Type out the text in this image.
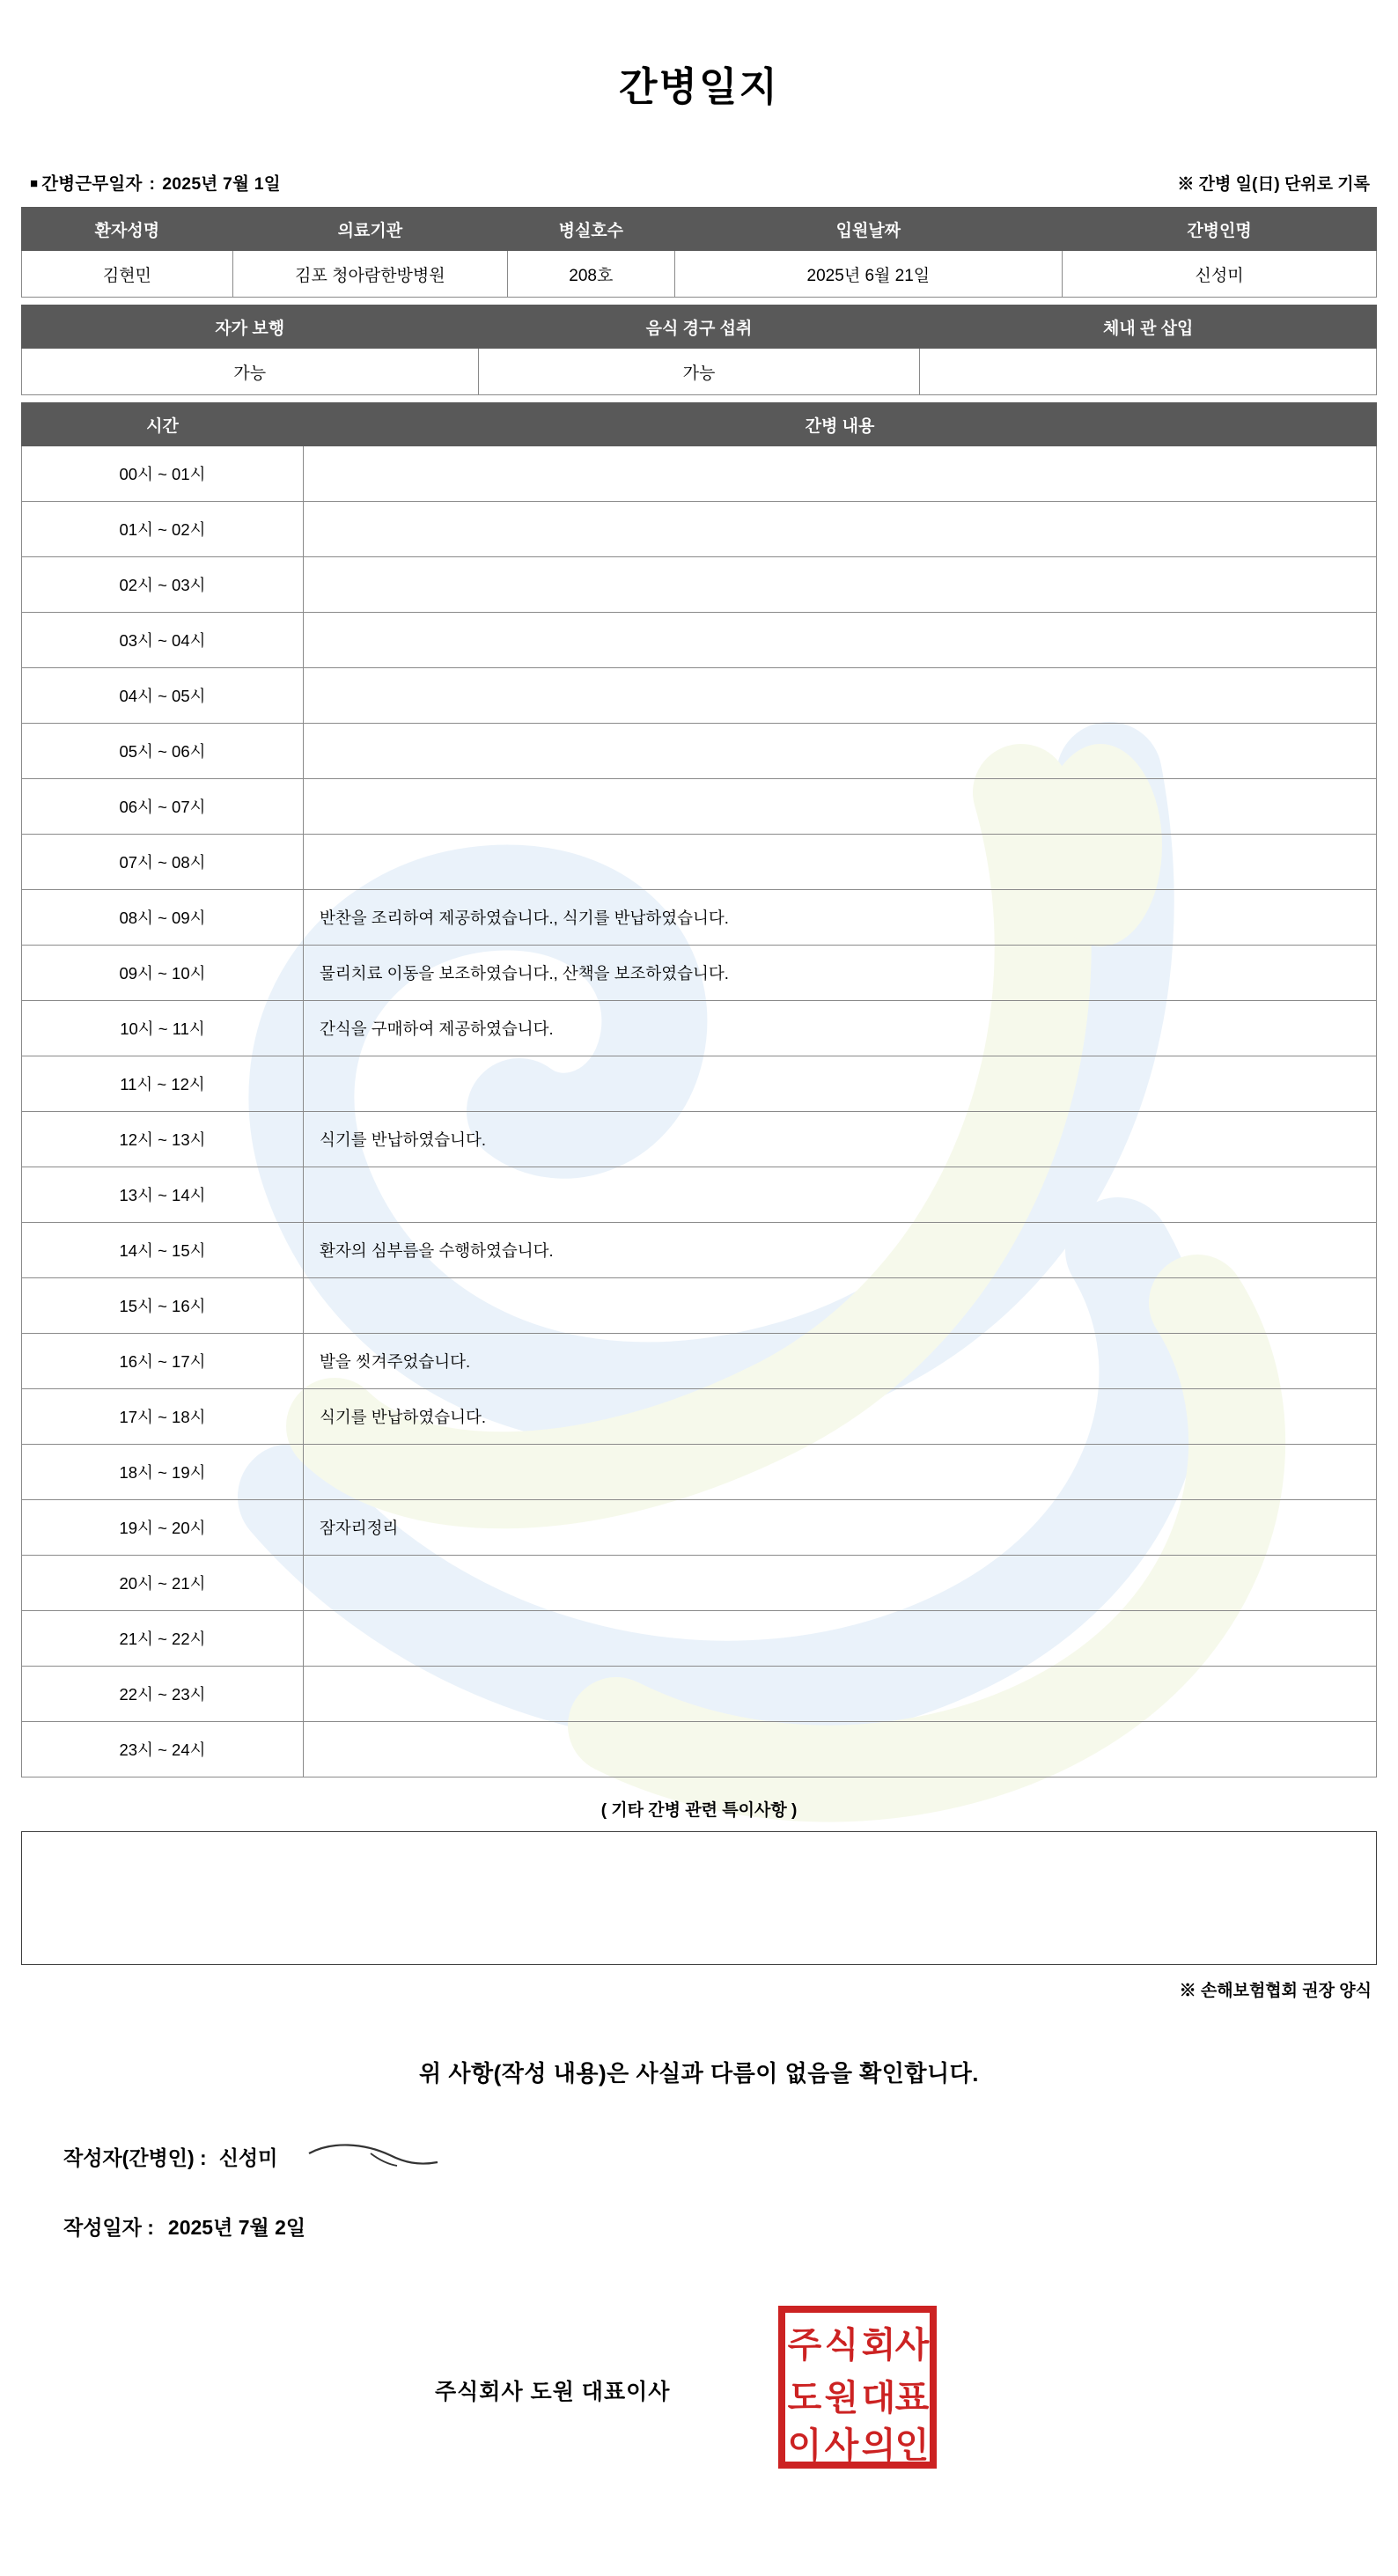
간병일지
■ 간병근무일자 : 2025년 7월 1일	※ 간병 일(日) 단위로 기록
환자성명	의료기관	병실호수	입원날짜	간병인명
김현민	김포 청아람한방병원	208호	2025년 6월 21일	신성미
자가 보행	음식 경구 섭취	체내 관 삽입
가능	가능	
시간	간병 내용
00시 ~ 01시	
01시 ~ 02시	
02시 ~ 03시	
03시 ~ 04시	
04시 ~ 05시	
05시 ~ 06시	
06시 ~ 07시	
07시 ~ 08시	
08시 ~ 09시	반찬을 조리하여 제공하였습니다., 식기를 반납하였습니다.
09시 ~ 10시	물리치료 이동을 보조하였습니다., 산책을 보조하였습니다.
10시 ~ 11시	간식을 구매하여 제공하였습니다.
11시 ~ 12시	
12시 ~ 13시	식기를 반납하였습니다.
13시 ~ 14시	
14시 ~ 15시	환자의 심부름을 수행하였습니다.
15시 ~ 16시	
16시 ~ 17시	발을 씻겨주었습니다.
17시 ~ 18시	식기를 반납하였습니다.
18시 ~ 19시	
19시 ~ 20시	잠자리정리
20시 ~ 21시	
21시 ~ 22시	
22시 ~ 23시	
23시 ~ 24시	
( 기타 간병 관련 특이사항 )
※ 손해보험협회 권장 양식
위 사항(작성 내용)은 사실과 다름이 없음을 확인합니다.
작성자(간병인) : 신성미
작성일자 : 2025년 7월 2일
주식회사 도원 대표이사
주 식 회 사
도 원 대 표
이 사 의 인
